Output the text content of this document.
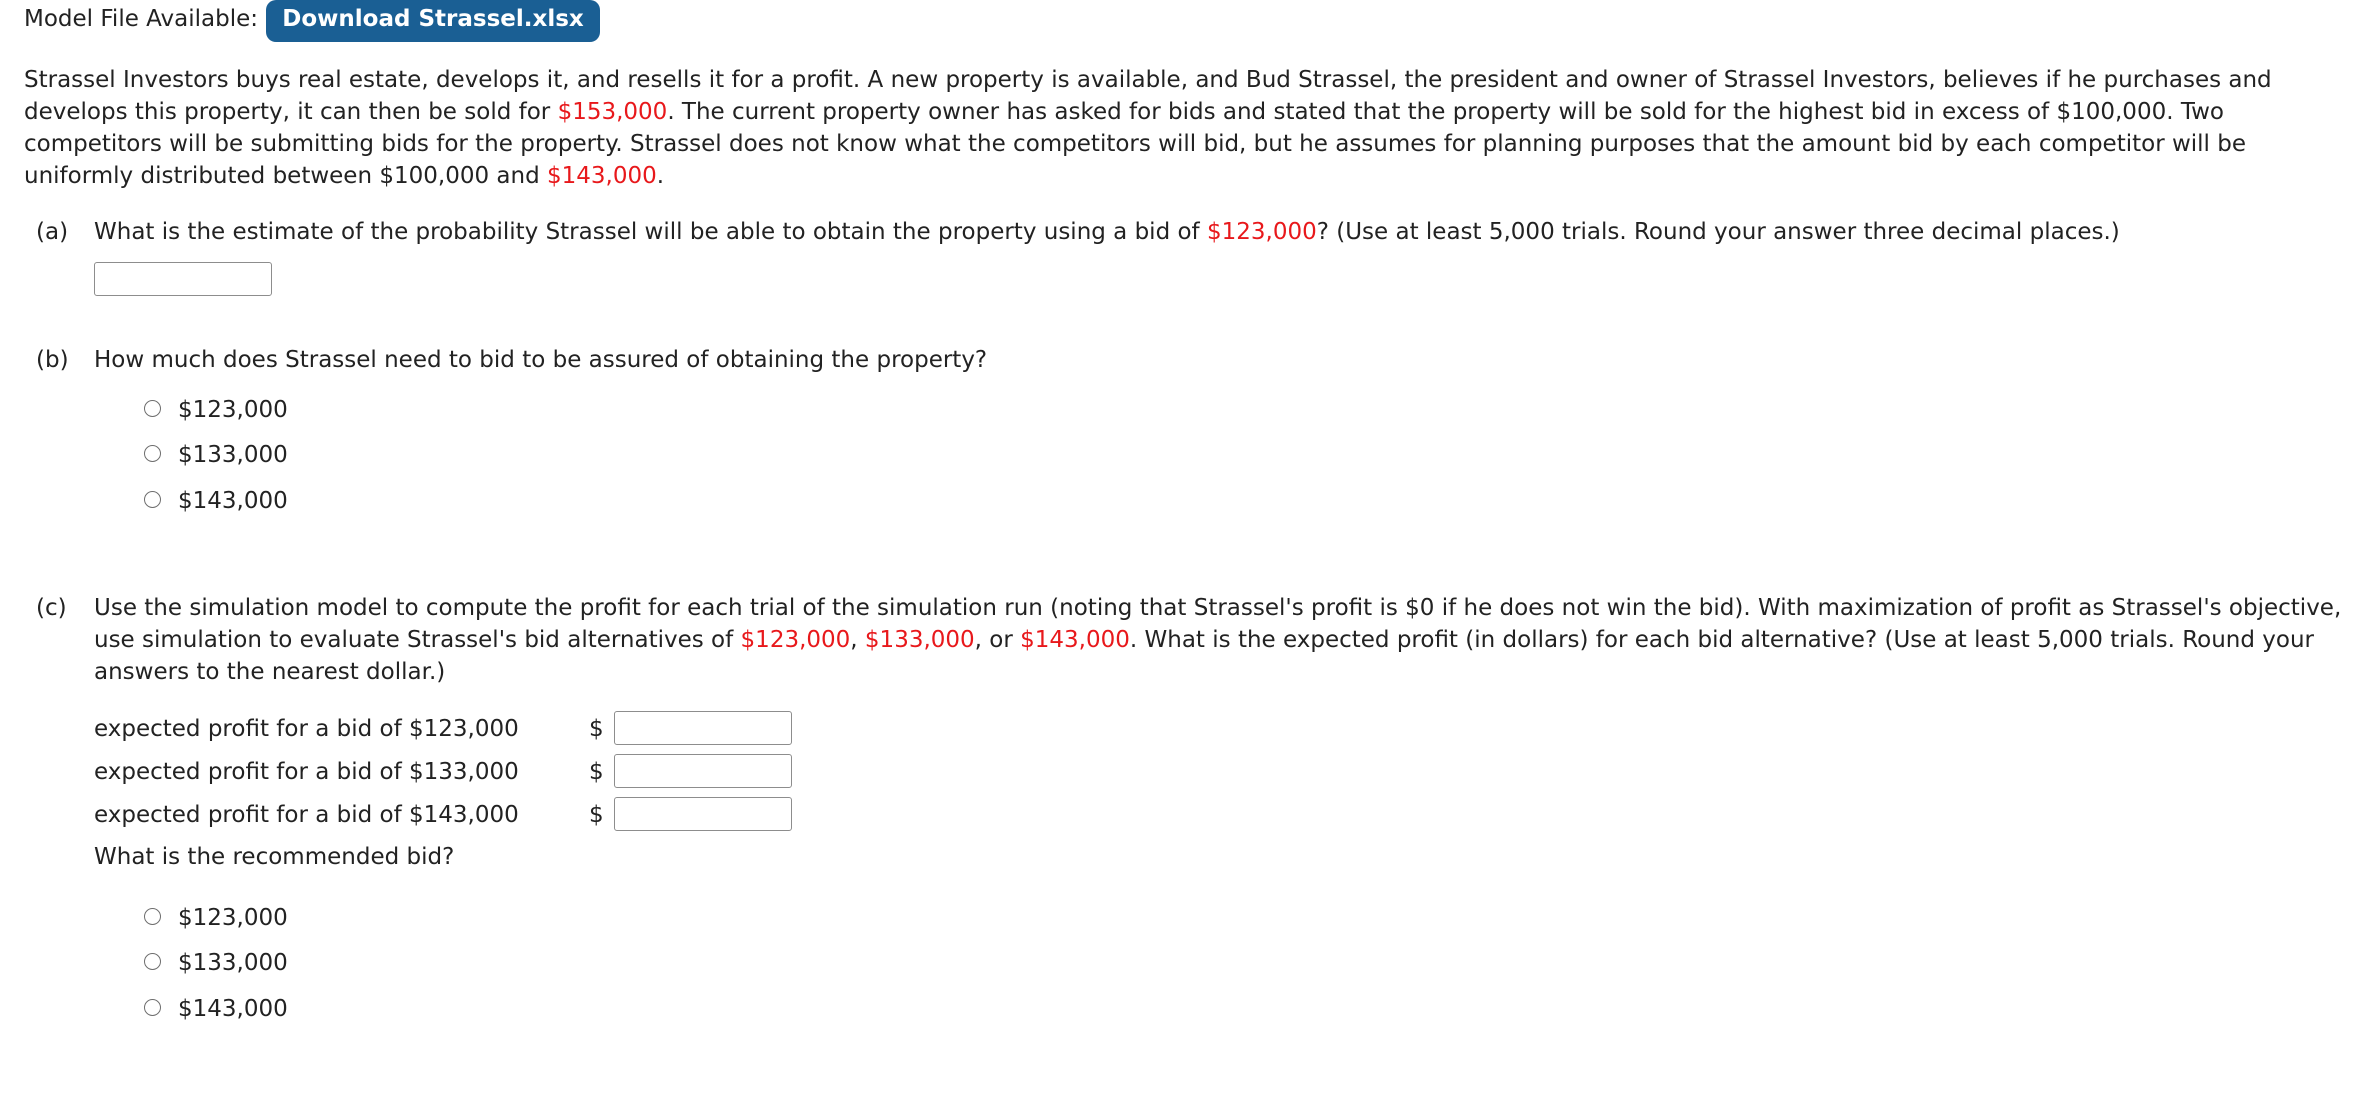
Model File Available:	Download Strassel.xlsx
Strassel Investors buys real estate, develops it, and resells it for a profit. A new property is available, and Bud Strassel, the president and owner of Strassel Investors, believes if he purchases and
develops this property, it can then be sold for $153,000. The current property owner has asked for bids and stated that the property will be sold for the highest bid in excess of $100,000. Two
competitors will be submitting bids for the property. Strassel does not know what the competitors will bid, but he assumes for planning purposes that the amount bid by each competitor will be
uniformly distributed between $100,000 and $143,000.
(a) What is the estimate of the probability Strassel will be able to obtain the property using a bid of $123,000? (Use at least 5,000 trials. Round your answer three decimal places.)
(b) How much does Strassel need to bid to be assured of obtaining the property?
$123,000
$133,000
$143,000
(c) Use the simulation model to compute the profit for each trial of the simulation run (noting that Strassel's profit is $0 if he does not win the bid). With maximization of profit as Strassel's objective,
use simulation to evaluate Strassel's bid alternatives of $123,000, $133,000, or $143,000. What is the expected profit (in dollars) for each bid alternative? (Use at least 5,000 trials. Round your
answers to the nearest dollar.)
expected profit for a bid of $123,000	$
expected profit for a bid of $133,000	$
expected profit for a bid of $143,000	$
What is the recommended bid?
$123,000
$133,000
$143,000
